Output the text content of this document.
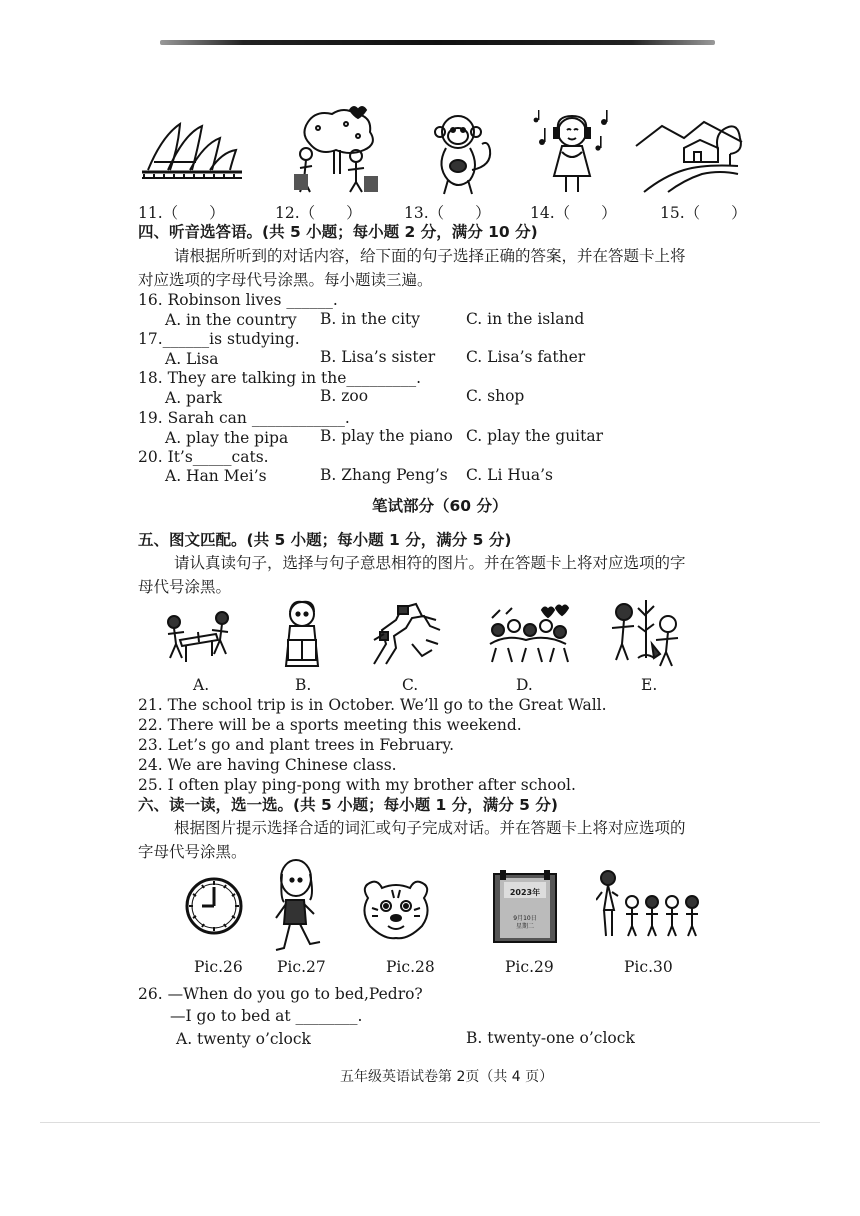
11.（　　）	12.（　　）	13.（　　）	14.（　　）	15.（　　）
四、听音选答语。(共 5 小题；每小题 2 分，满分 10 分)
请根据所听到的对话内容，给下面的句子选择正确的答案，并在答题卡上将
对应选项的字母代号涂黑。每小题读三遍。
16. Robinson lives ______.
A. in the country B. in the city	C. in the island
17.______is studying.
A. Lisa	B. Lisa’s sister C. Lisa’s father
18. They are talking in the_________.
A. park	B. zoo	C. shop
19. Sarah can ____________.
A. play the pipa B. play the piano C. play the guitar
20. It’s_____cats.
A. Han Mei’s	B. Zhang Peng’s C. Li Hua’s
笔试部分（60 分）
五、图文匹配。(共 5 小题；每小题 1 分，满分 5 分)
请认真读句子，选择与句子意思相符的图片。并在答题卡上将对应选项的字
母代号涂黑。
A.	B.	C.	D.	E.
21. The school trip is in October. We’ll go to the Great Wall.
22. There will be a sports meeting this weekend.
23. Let’s go and plant trees in February.
24. We are having Chinese class.
25. I often play ping-pong with my brother after school.
六、读一读，选一选。(共 5 小题；每小题 1 分，满分 5 分)
根据图片提示选择合适的词汇或句子完成对话。并在答题卡上将对应选项的
字母代号涂黑。
2023年
9月10日
星期二
Pic.26 Pic.27	Pic.28	Pic.29	Pic.30
26. —When do you go to bed,Pedro?
—I go to bed at ________.
A. twenty o’clock	B. twenty-one o’clock
五年级英语试卷第 2页（共 4 页）
